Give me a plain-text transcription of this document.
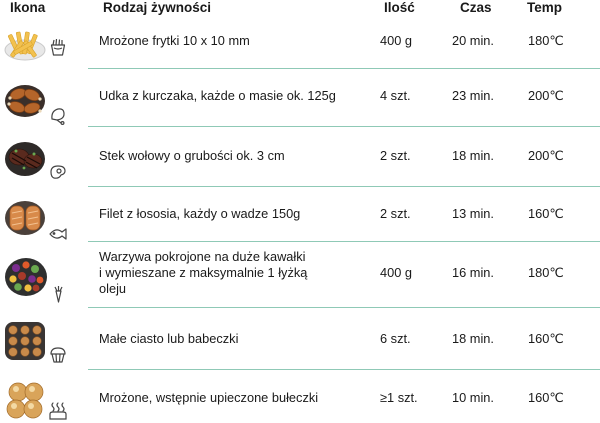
Ikona	Rodzaj żywności	Ilość	Czas	Temp
Mrożone frytki 10 x 10 mm	400 g	20 min.	180℃
Udka z kurczaka, każde o masie ok. 125g	4 szt.	23 min.	200℃
Stek wołowy o grubości ok. 3 cm	2 szt.	18 min.	200℃
Filet z łososia, każdy o wadze 150g	2 szt.	13 min.	160℃
Warzywa pokrojone na duże kawałki
i wymieszane z maksymalnie 1 łyżką
oleju
400 g	16 min.	180℃
Małe ciasto lub babeczki	6 szt.	18 min.	160℃
Mrożone, wstępnie upieczone bułeczki	≥1 szt.	10 min.	160℃
